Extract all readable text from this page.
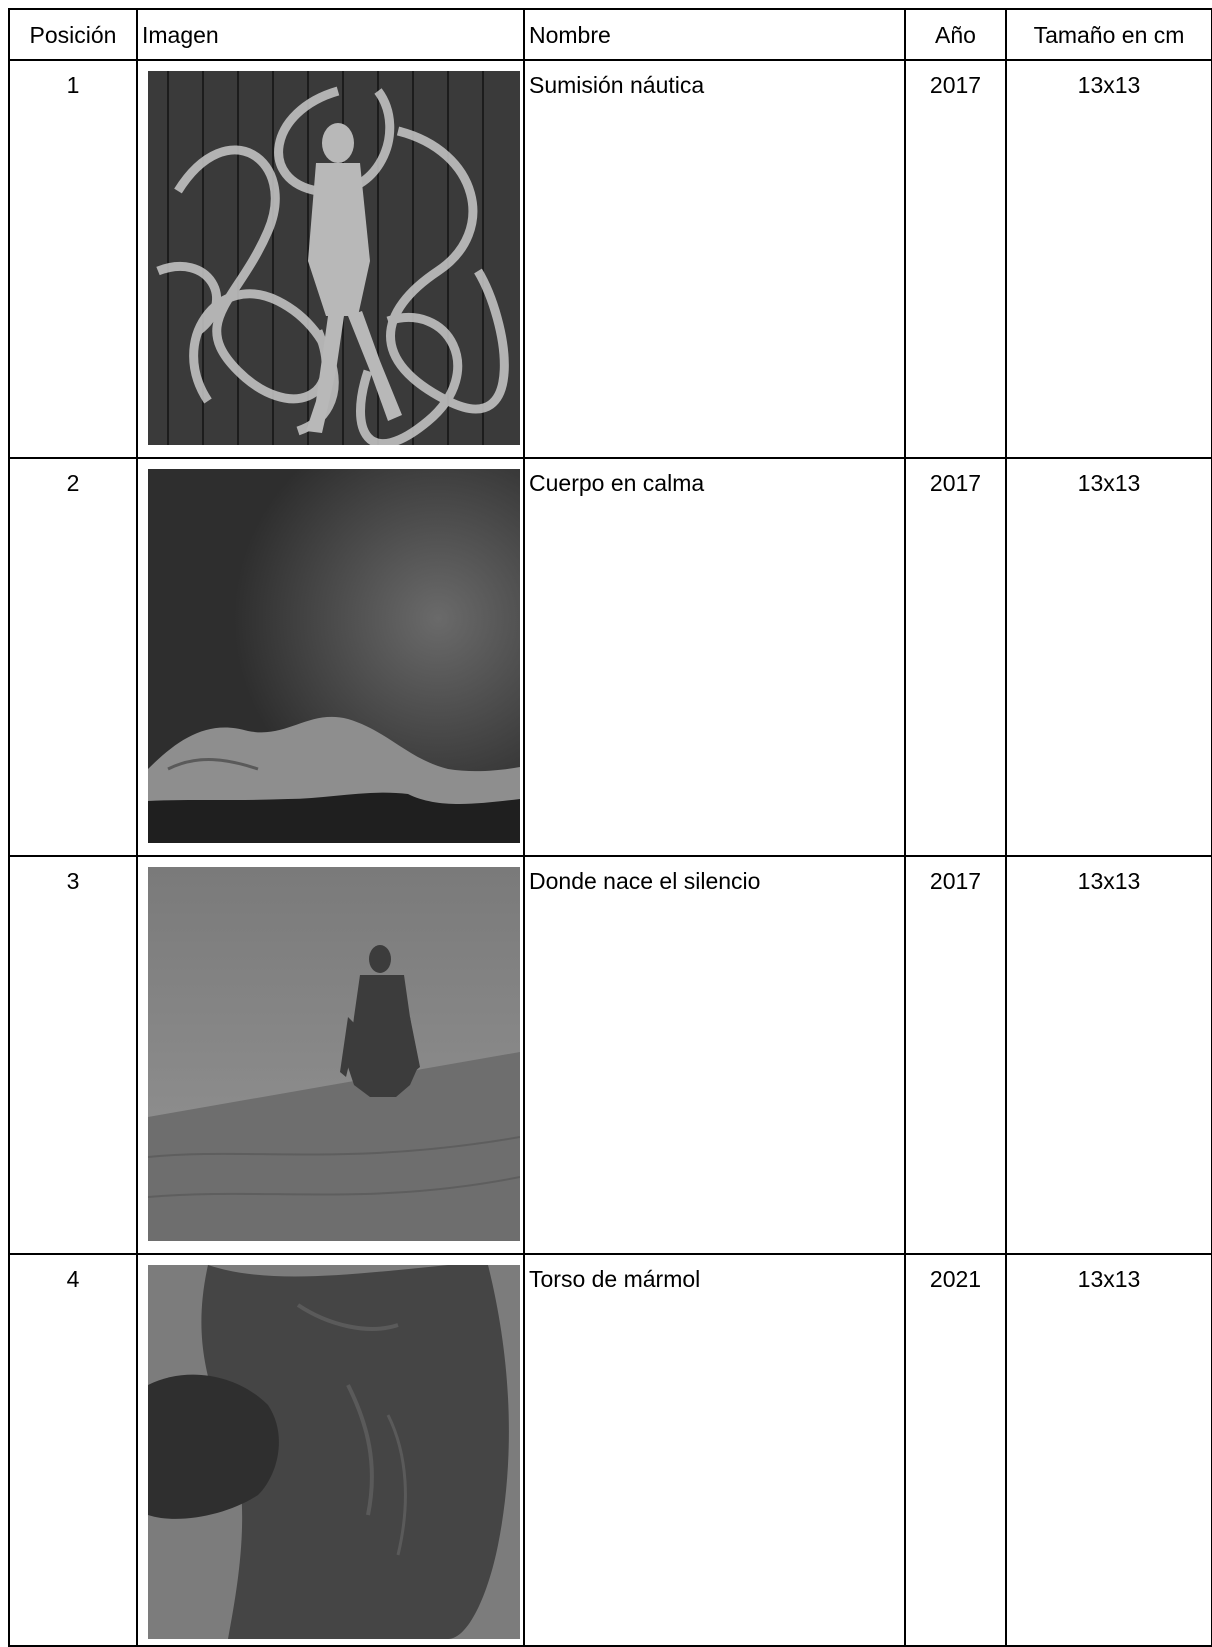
Posición	Imagen	Nombre	Año	Tamaño en cm

1		Sumisión náutica	2017	13x13

2		Cuerpo en calma	2017	13x13

3		Donde nace el silencio	2017	13x13

4		Torso de mármol	2021	13x13
